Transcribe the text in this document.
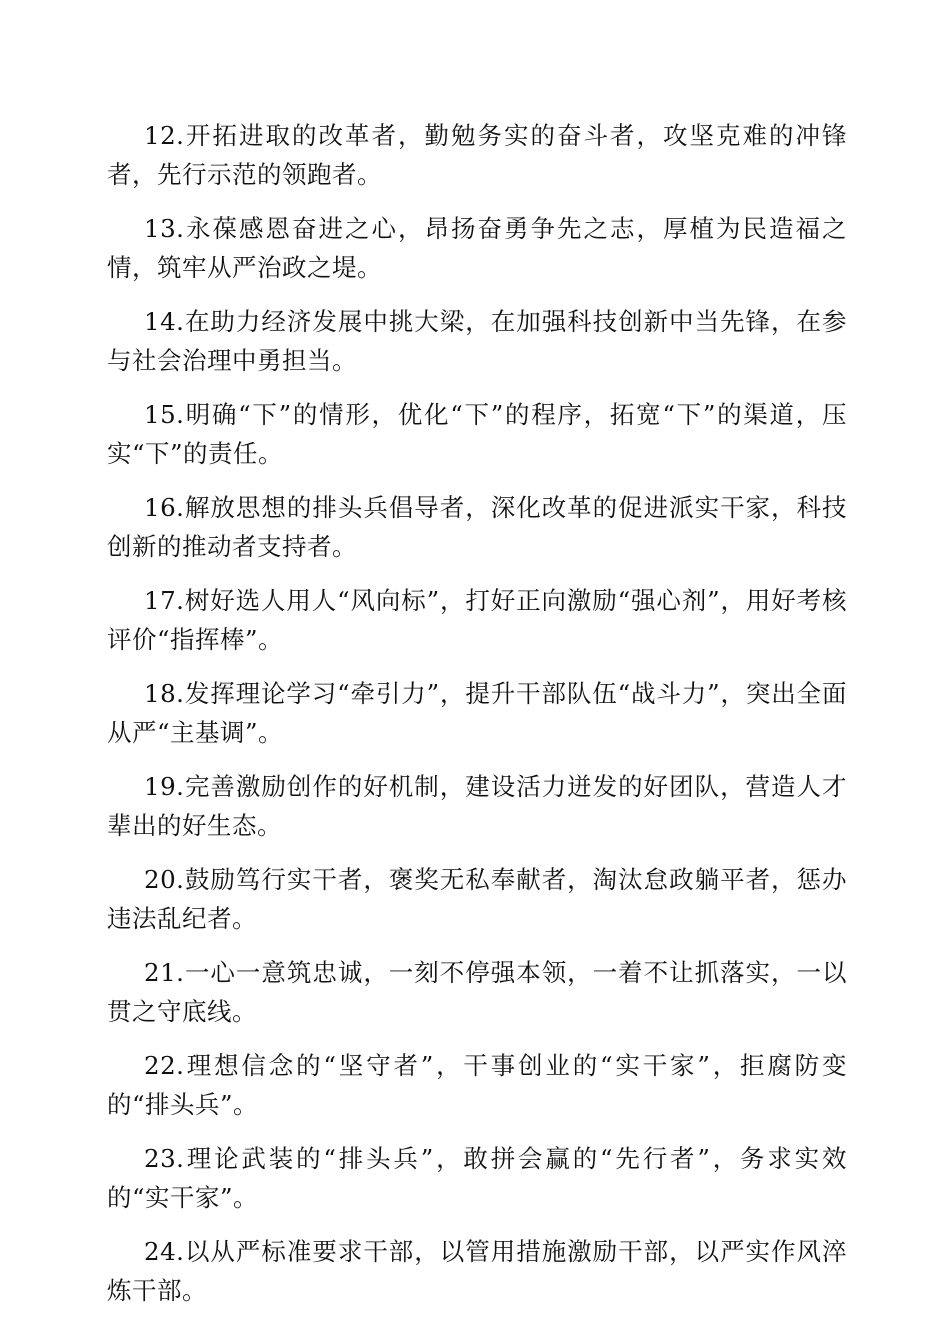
12.开拓进取的改革者，勤勉务实的奋斗者，攻坚克难的冲锋者，先行示范的领跑者。

13.永葆感恩奋进之心，昂扬奋勇争先之志，厚植为民造福之情，筑牢从严治政之堤。

14.在助力经济发展中挑大梁，在加强科技创新中当先锋，在参与社会治理中勇担当。

15.明确“下”的情形，优化“下”的程序，拓宽“下”的渠道，压实“下”的责任。

16.解放思想的排头兵倡导者，深化改革的促进派实干家，科技创新的推动者支持者。

17.树好选人用人“风向标”，打好正向激励“强心剂”，用好考核评价“指挥棒”。

18.发挥理论学习“牵引力”，提升干部队伍“战斗力”，突出全面从严“主基调”。

19.完善激励创作的好机制，建设活力迸发的好团队，营造人才辈出的好生态。

20.鼓励笃行实干者，褒奖无私奉献者，淘汰怠政躺平者，惩办违法乱纪者。

21.一心一意筑忠诚，一刻不停强本领，一着不让抓落实，一以贯之守底线。

22.理想信念的“坚守者”，干事创业的“实干家”，拒腐防变的“排头兵”。

23.理论武装的“排头兵”，敢拼会赢的“先行者”，务求实效的“实干家”。

24.以从严标准要求干部，以管用措施激励干部，以严实作风淬炼干部。
